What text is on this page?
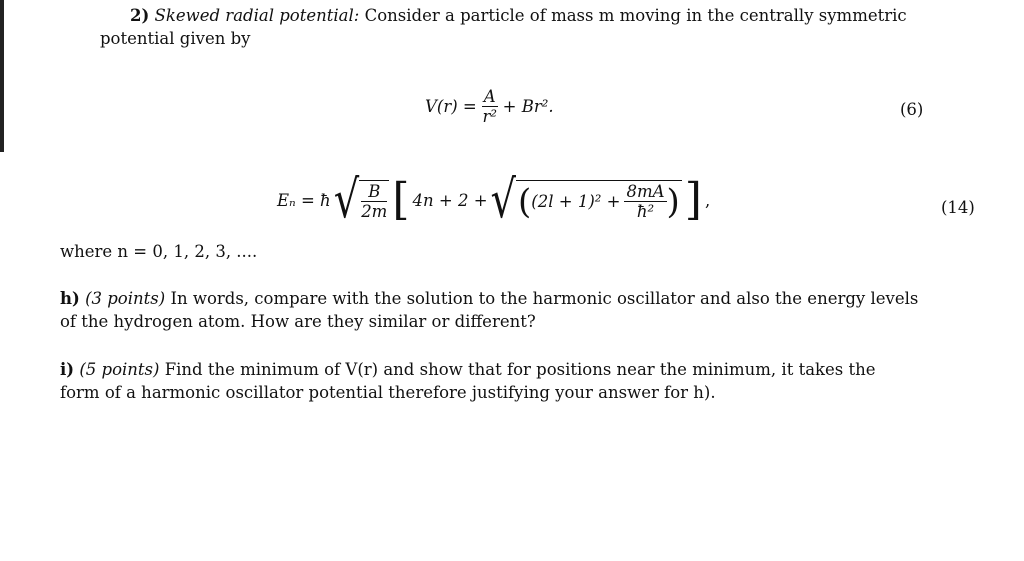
2) Skewed radial potential: Consider a particle of mass m moving in the centrally symmetric
potential given by
$V(r) = \frac{A}{\text{r²}} + Br^2$.	(6)
Eₙ = ħ √ $\frac{B}{2m}$ [ 4n + 2 + √ ( $(2l + 1)^2 + \frac{8mA}{\text{ħ²}}$ ) ] ,	(14)
where n = 0, 1, 2, 3, ....
h) (3 points) In words, compare with the solution to the harmonic oscillator and also the energy levels
of the hydrogen atom. How are they similar or different?
i) (5 points) Find the minimum of V(r) and show that for positions near the minimum, it takes the
form of a harmonic oscillator potential therefore justifying your answer for h).
